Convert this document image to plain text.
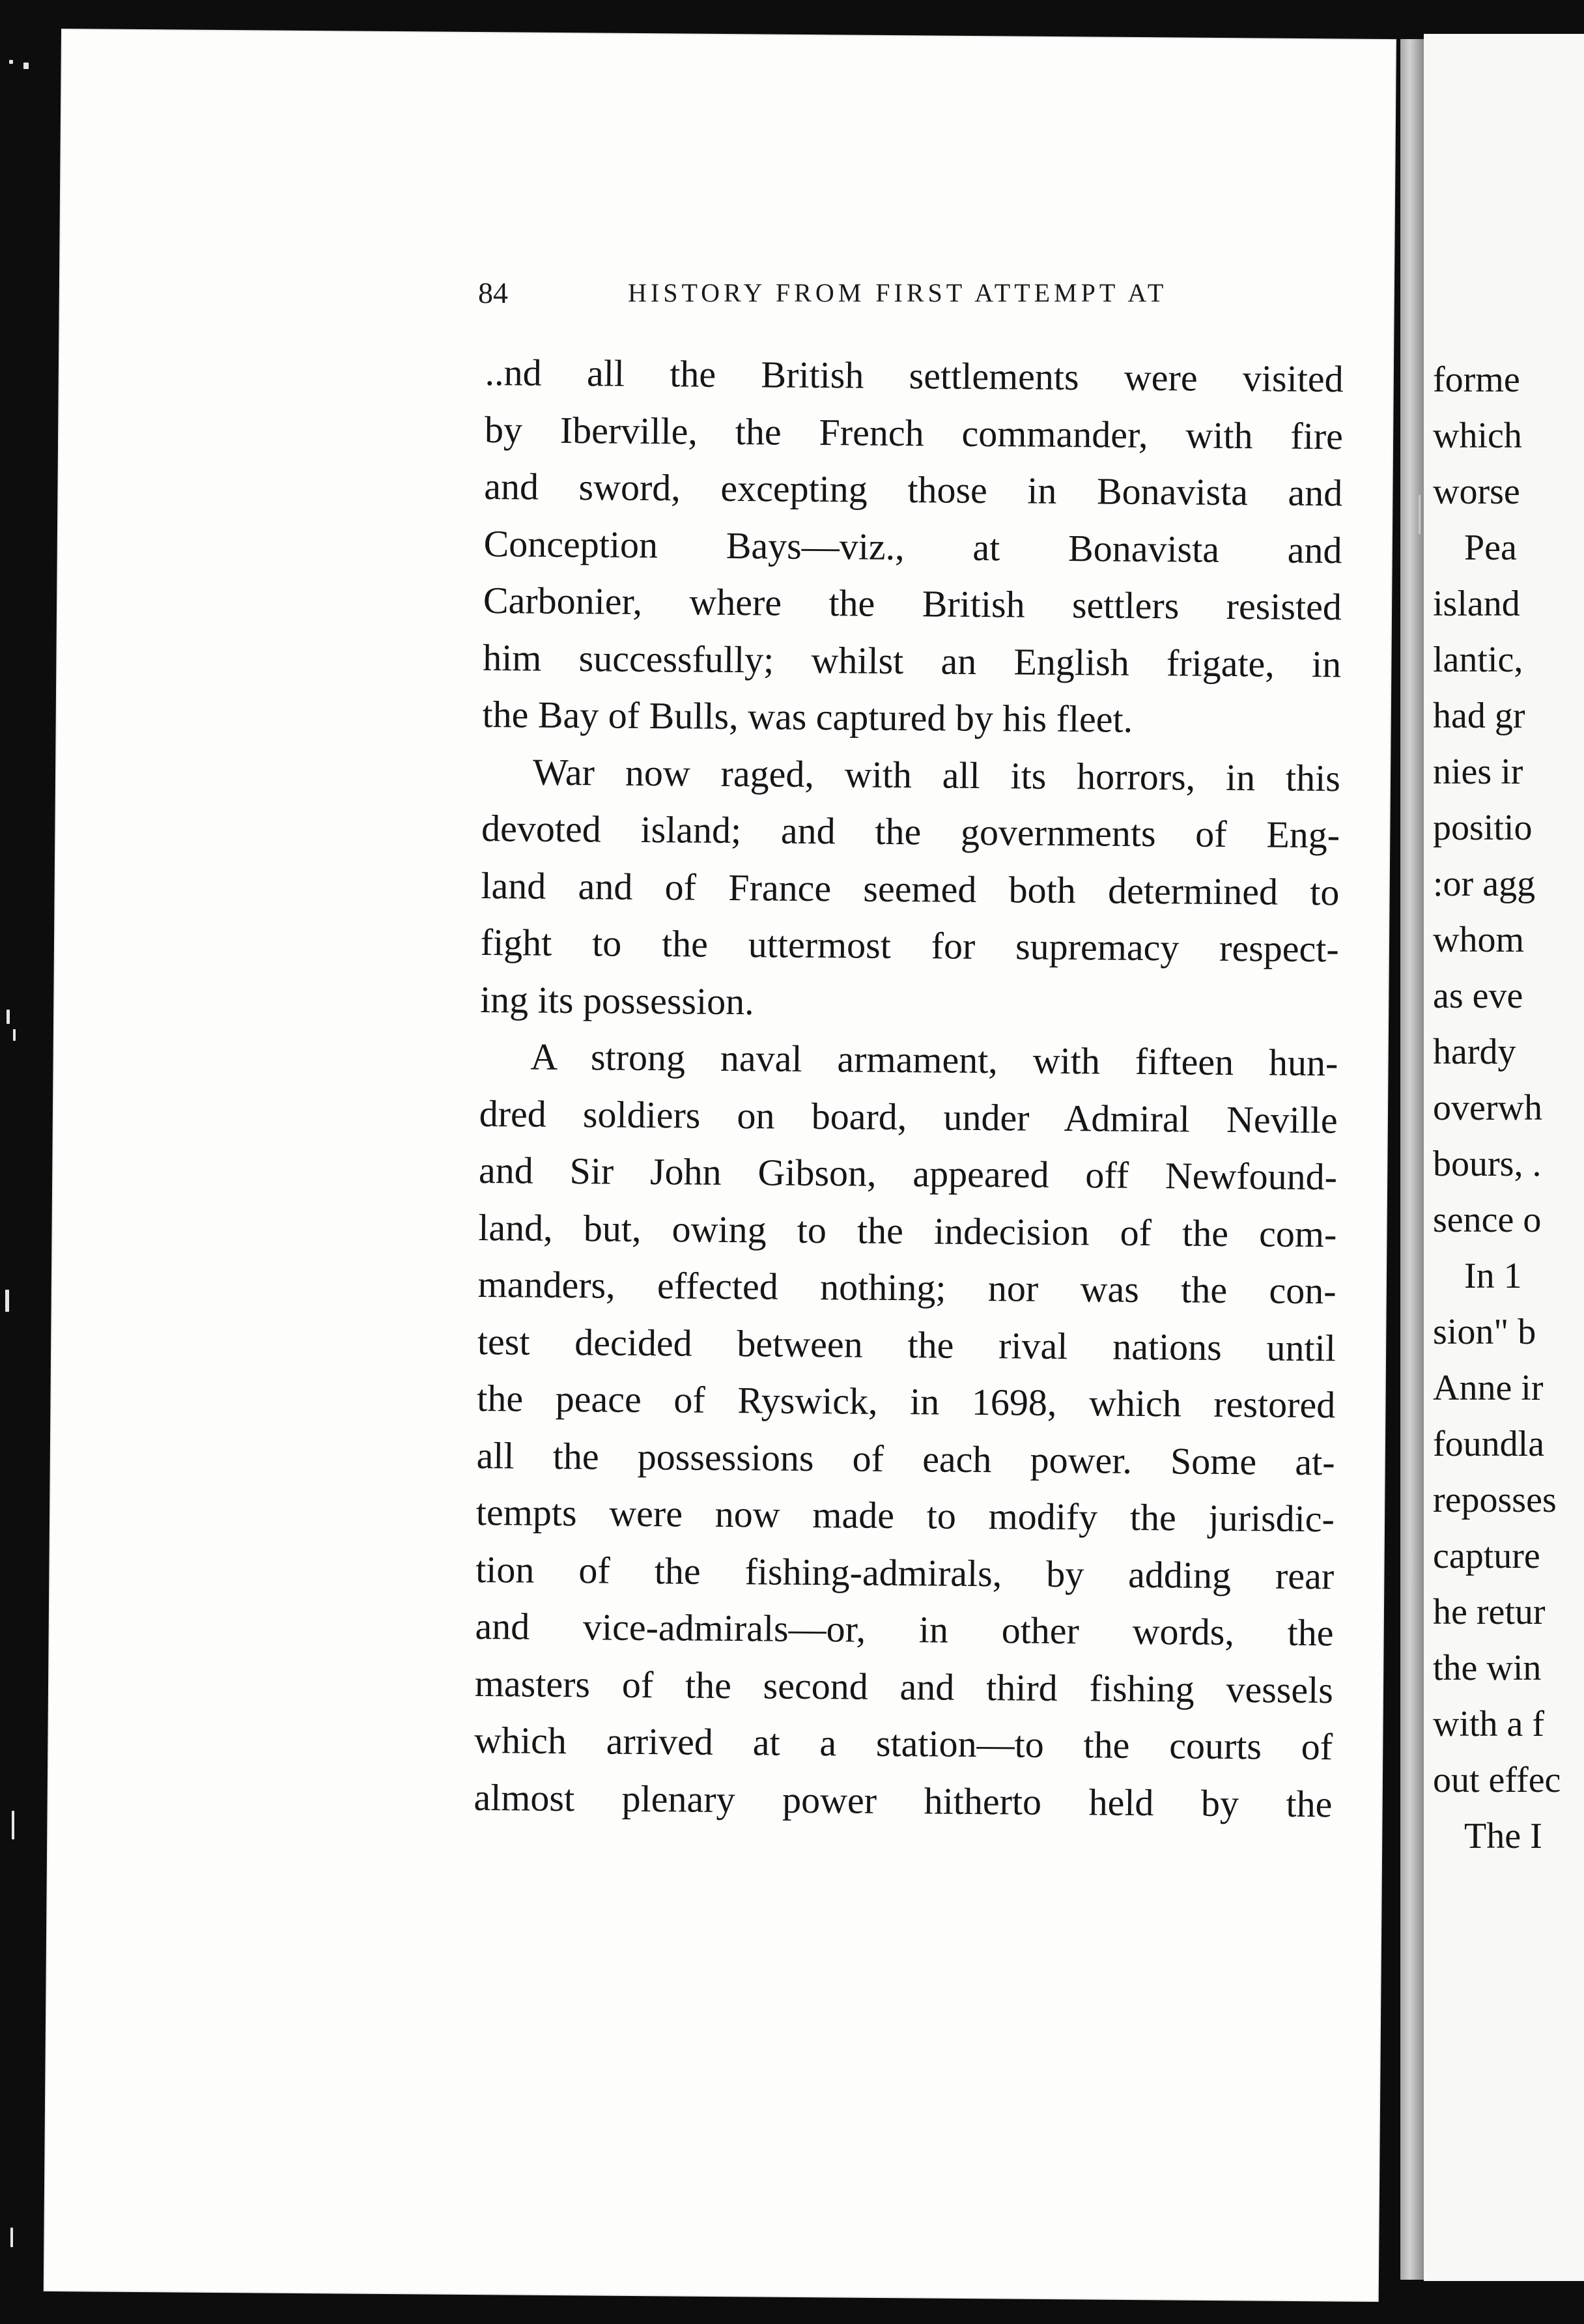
84	HISTORY FROM FIRST ATTEMPT AT
..nd all the British settlements were visited
by Iberville, the French commander, with fire
and sword, excepting those in Bonavista and
Conception Bays—viz., at Bonavista and
Carbonier, where the British settlers resisted
him successfully; whilst an English frigate, in
the Bay of Bulls, was captured by his fleet.
War now raged, with all its horrors, in this
devoted island; and the governments of Eng-
land and of France seemed both determined to
fight to the uttermost for supremacy respect-
ing its possession.
A strong naval armament, with fifteen hun-
dred soldiers on board, under Admiral Neville
and Sir John Gibson, appeared off Newfound-
land, but, owing to the indecision of the com-
manders, effected nothing; nor was the con-
test decided between the rival nations until
the peace of Ryswick, in 1698, which restored
all the possessions of each power. Some at-
tempts were now made to modify the jurisdic-
tion of the fishing-admirals, by adding rear
and vice-admirals—or, in other words, the
masters of the second and third fishing vessels
which arrived at a station—to the courts of
almost plenary power hitherto held by the
forme
which
worse
Pea
island
lantic,
had gr
nies ir
positio
:or agg
whom
as eve
hardy
overwh
bours, .
sence o
In 1
sion" b
Anne ir
foundla
reposses
capture
he retur
the win
with a f
out effec
The I
